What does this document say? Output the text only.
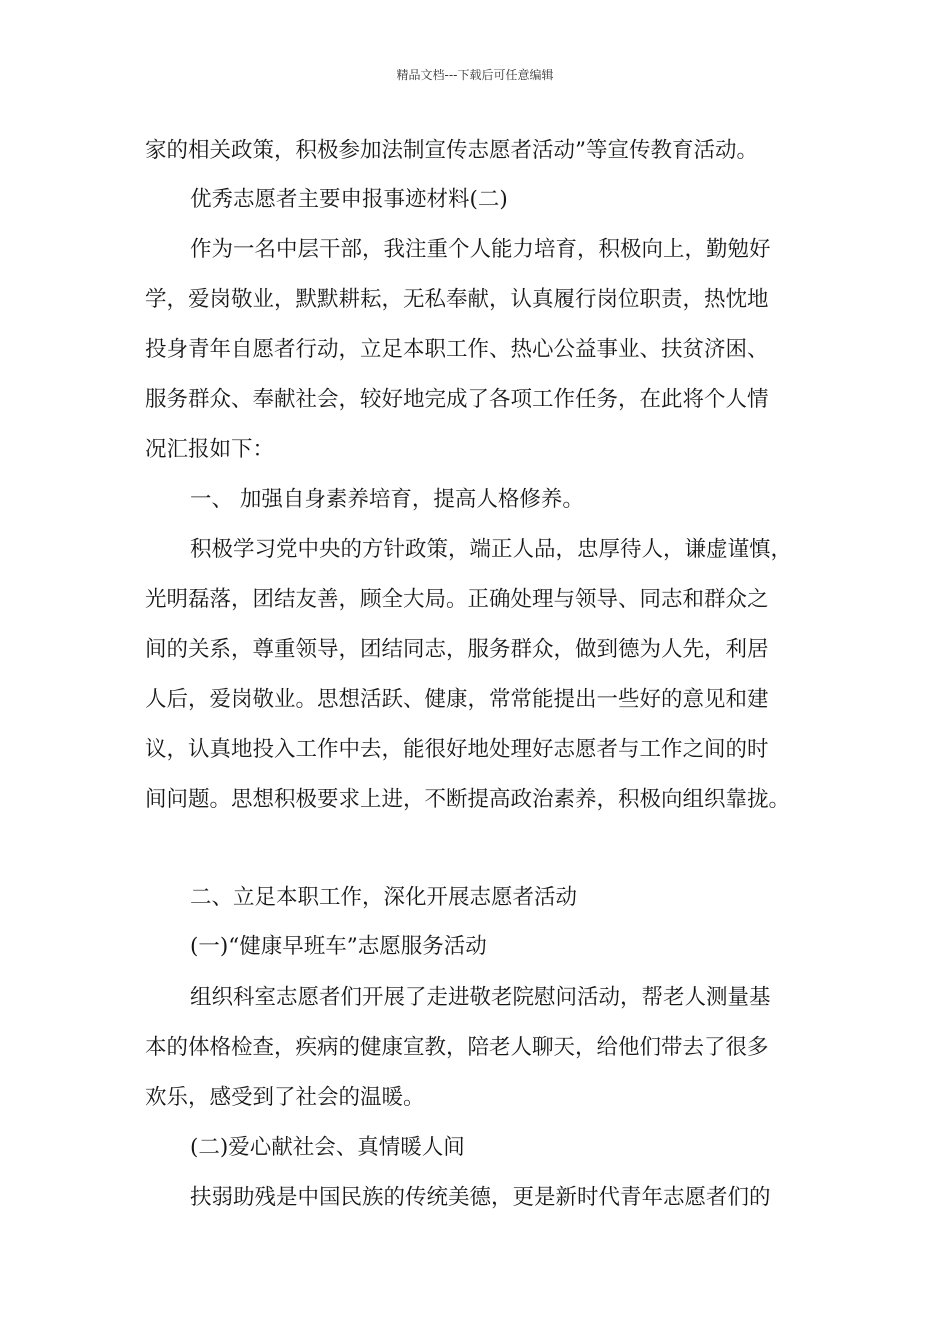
精品文档---下载后可任意编辑
家的相关政策，积极参加法制宣传志愿者活动”等宣传教育活动。
优秀志愿者主要申报事迹材料(二)
作为一名中层干部，我注重个人能力培育，积极向上，勤勉好
学，爱岗敬业，默默耕耘，无私奉献，认真履行岗位职责，热忱地
投身青年自愿者行动，立足本职工作、热心公益事业、扶贫济困、
服务群众、奉献社会，较好地完成了各项工作任务，在此将个人情
况汇报如下：
一、 加强自身素养培育，提高人格修养。
积极学习党中央的方针政策，端正人品，忠厚待人，谦虚谨慎，
光明磊落，团结友善，顾全大局。正确处理与领导、同志和群众之
间的关系，尊重领导，团结同志，服务群众，做到德为人先，利居
人后，爱岗敬业。思想活跃、健康，常常能提出一些好的意见和建
议，认真地投入工作中去，能很好地处理好志愿者与工作之间的时
间问题。思想积极要求上进，不断提高政治素养，积极向组织靠拢。
二、立足本职工作，深化开展志愿者活动
(一)“健康早班车”志愿服务活动
组织科室志愿者们开展了走进敬老院慰问活动，帮老人测量基
本的体格检查，疾病的健康宣教，陪老人聊天，给他们带去了很多
欢乐，感受到了社会的温暖。
(二)爱心献社会、真情暖人间
扶弱助残是中国民族的传统美德，更是新时代青年志愿者们的
